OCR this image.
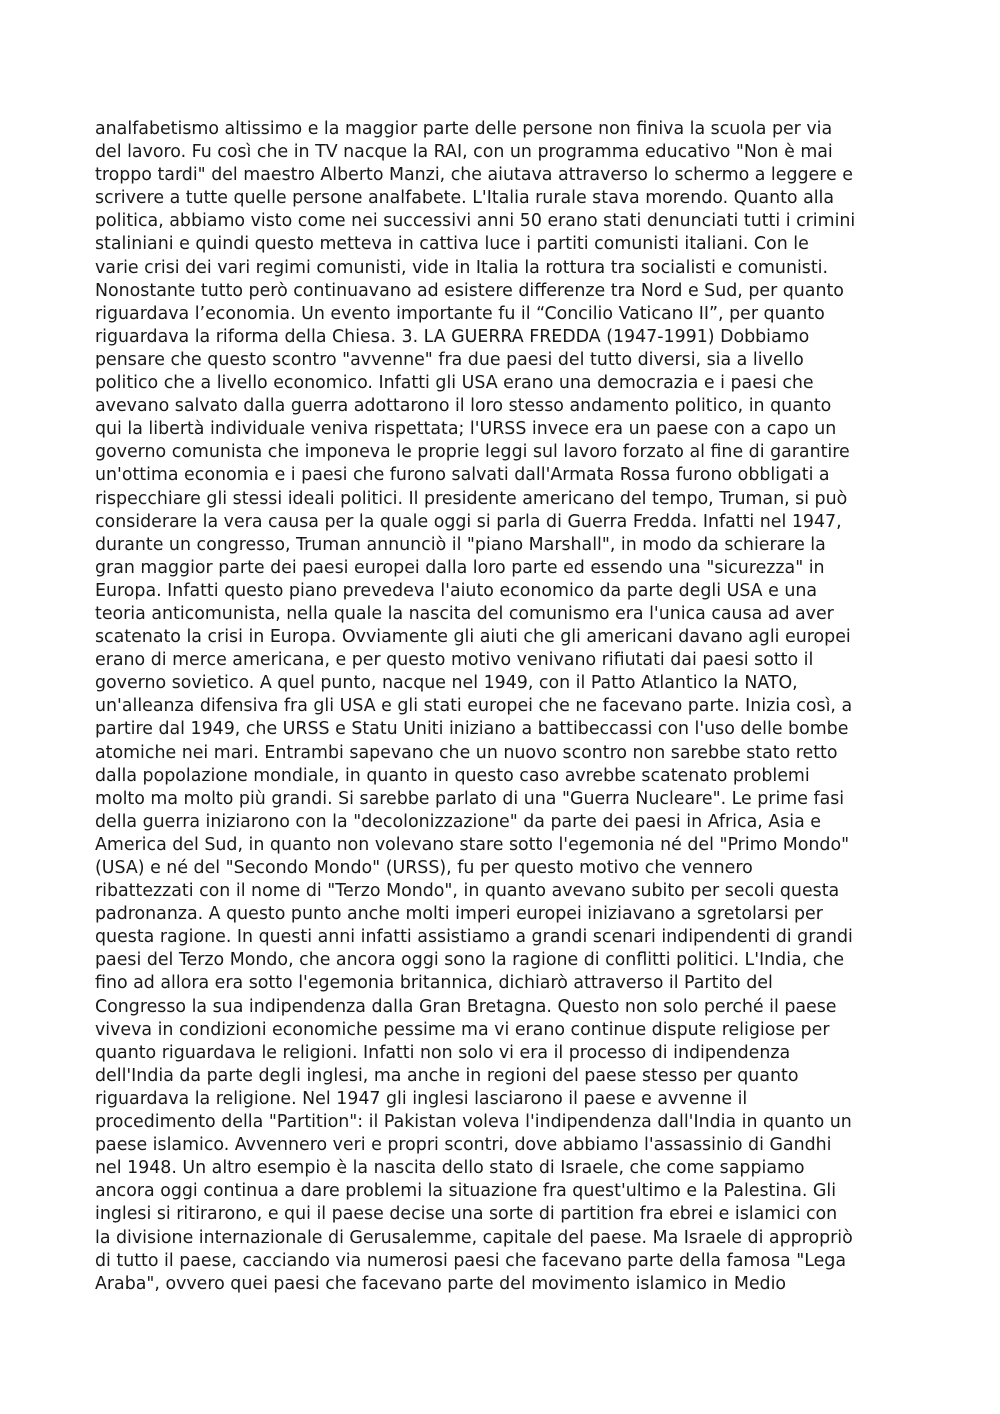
analfabetismo altissimo e la maggior parte delle persone non finiva la scuola per via
del lavoro. Fu così che in TV nacque la RAI, con un programma educativo "Non è mai
troppo tardi" del maestro Alberto Manzi, che aiutava attraverso lo schermo a leggere e
scrivere a tutte quelle persone analfabete. L'Italia rurale stava morendo. Quanto alla
politica, abbiamo visto come nei successivi anni 50 erano stati denunciati tutti i crimini
staliniani e quindi questo metteva in cattiva luce i partiti comunisti italiani. Con le
varie crisi dei vari regimi comunisti, vide in Italia la rottura tra socialisti e comunisti.
Nonostante tutto però continuavano ad esistere differenze tra Nord e Sud, per quanto
riguardava l’economia. Un evento importante fu il “Concilio Vaticano II”, per quanto
riguardava la riforma della Chiesa. 3. LA GUERRA FREDDA (1947-1991) Dobbiamo
pensare che questo scontro "avvenne" fra due paesi del tutto diversi, sia a livello
politico che a livello economico. Infatti gli USA erano una democrazia e i paesi che
avevano salvato dalla guerra adottarono il loro stesso andamento politico, in quanto
qui la libertà individuale veniva rispettata; l'URSS invece era un paese con a capo un
governo comunista che imponeva le proprie leggi sul lavoro forzato al fine di garantire
un'ottima economia e i paesi che furono salvati dall'Armata Rossa furono obbligati a
rispecchiare gli stessi ideali politici. Il presidente americano del tempo, Truman, si può
considerare la vera causa per la quale oggi si parla di Guerra Fredda. Infatti nel 1947,
durante un congresso, Truman annunciò il "piano Marshall", in modo da schierare la
gran maggior parte dei paesi europei dalla loro parte ed essendo una "sicurezza" in
Europa. Infatti questo piano prevedeva l'aiuto economico da parte degli USA e una
teoria anticomunista, nella quale la nascita del comunismo era l'unica causa ad aver
scatenato la crisi in Europa. Ovviamente gli aiuti che gli americani davano agli europei
erano di merce americana, e per questo motivo venivano rifiutati dai paesi sotto il
governo sovietico. A quel punto, nacque nel 1949, con il Patto Atlantico la NATO,
un'alleanza difensiva fra gli USA e gli stati europei che ne facevano parte. Inizia così, a
partire dal 1949, che URSS e Statu Uniti iniziano a battibeccassi con l'uso delle bombe
atomiche nei mari. Entrambi sapevano che un nuovo scontro non sarebbe stato retto
dalla popolazione mondiale, in quanto in questo caso avrebbe scatenato problemi
molto ma molto più grandi. Si sarebbe parlato di una "Guerra Nucleare". Le prime fasi
della guerra iniziarono con la "decolonizzazione" da parte dei paesi in Africa, Asia e
America del Sud, in quanto non volevano stare sotto l'egemonia né del "Primo Mondo"
(USA) e né del "Secondo Mondo" (URSS), fu per questo motivo che vennero
ribattezzati con il nome di "Terzo Mondo", in quanto avevano subito per secoli questa
padronanza. A questo punto anche molti imperi europei iniziavano a sgretolarsi per
questa ragione. In questi anni infatti assistiamo a grandi scenari indipendenti di grandi
paesi del Terzo Mondo, che ancora oggi sono la ragione di conflitti politici. L'India, che
fino ad allora era sotto l'egemonia britannica, dichiarò attraverso il Partito del
Congresso la sua indipendenza dalla Gran Bretagna. Questo non solo perché il paese
viveva in condizioni economiche pessime ma vi erano continue dispute religiose per
quanto riguardava le religioni. Infatti non solo vi era il processo di indipendenza
dell'India da parte degli inglesi, ma anche in regioni del paese stesso per quanto
riguardava la religione. Nel 1947 gli inglesi lasciarono il paese e avvenne il
procedimento della "Partition": il Pakistan voleva l'indipendenza dall'India in quanto un
paese islamico. Avvennero veri e propri scontri, dove abbiamo l'assassinio di Gandhi
nel 1948. Un altro esempio è la nascita dello stato di Israele, che come sappiamo
ancora oggi continua a dare problemi la situazione fra quest'ultimo e la Palestina. Gli
inglesi si ritirarono, e qui il paese decise una sorte di partition fra ebrei e islamici con
la divisione internazionale di Gerusalemme, capitale del paese. Ma Israele di appropriò
di tutto il paese, cacciando via numerosi paesi che facevano parte della famosa "Lega
Araba", ovvero quei paesi che facevano parte del movimento islamico in Medio
